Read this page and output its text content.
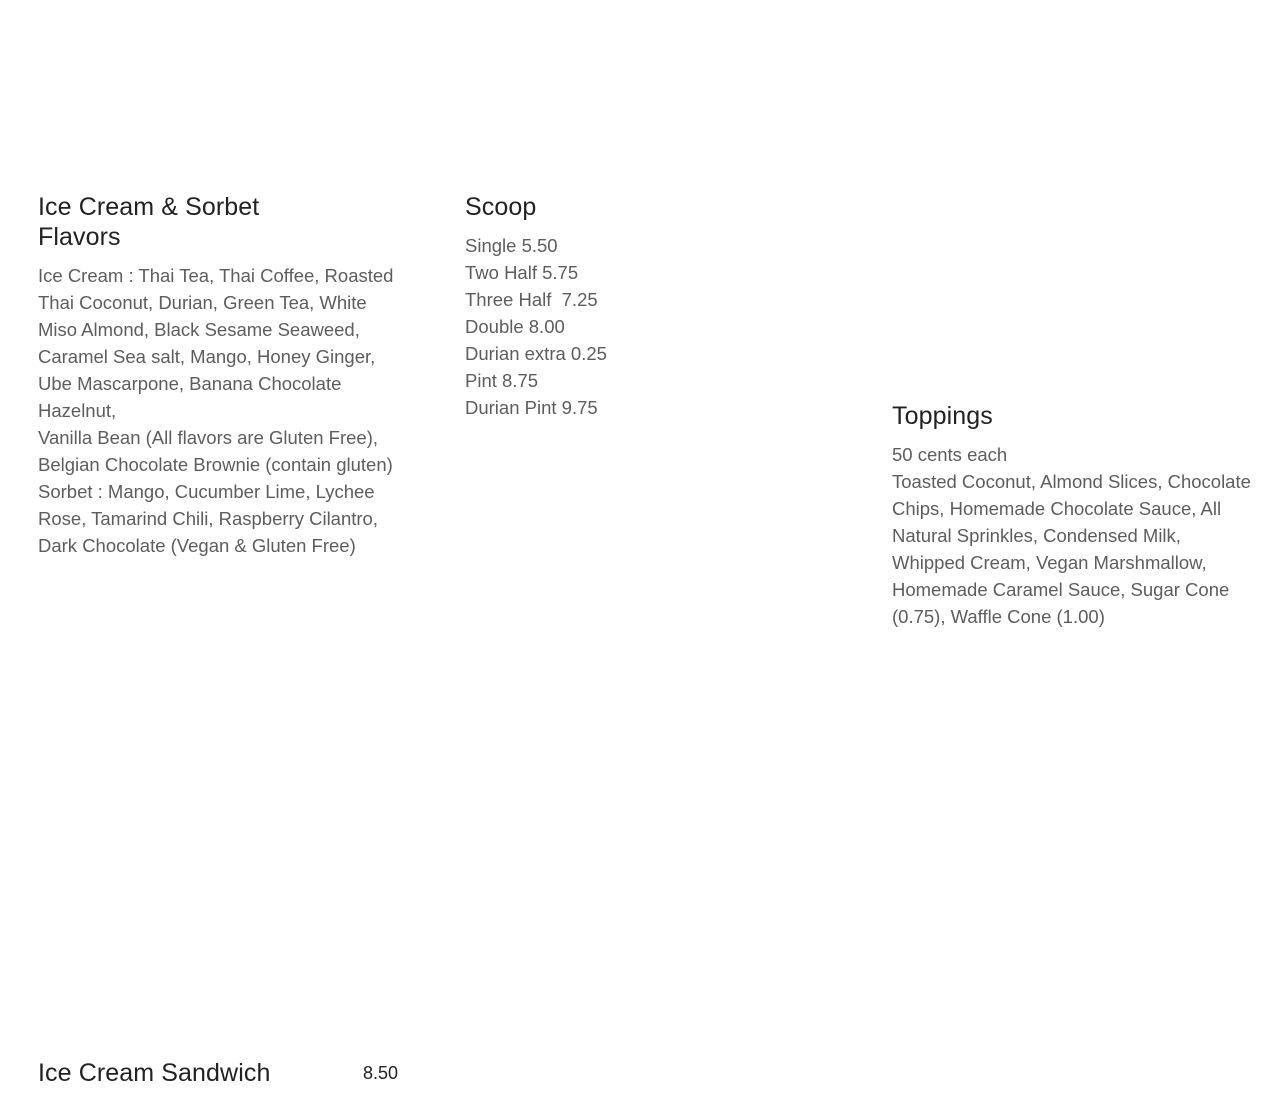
Ice Cream & Sorbet
Flavors

Ice Cream : Thai Tea, Thai Coffee, Roasted Thai Coconut, Durian, Green Tea, White Miso Almond, Black Sesame Seaweed, Caramel Sea salt, Mango, Honey Ginger, Ube Mascarpone, Banana Chocolate Hazelnut,

Vanilla Bean (All flavors are Gluten Free), Belgian Chocolate Brownie (contain gluten)

Sorbet : Mango, Cucumber Lime, Lychee Rose, Tamarind Chili, Raspberry Cilantro, Dark Chocolate (Vegan & Gluten Free)

Scoop
Single 5.50
Two Half 5.75
Three Half  7.25
Double 8.00
Durian extra 0.25
Pint 8.75
Durian Pint 9.75	Toppings

50 cents each

Toasted Coconut, Almond Slices, Chocolate Chips, Homemade Chocolate Sauce, All Natural Sprinkles, Condensed Milk, Whipped Cream, Vegan Marshmallow, Homemade Caramel Sauce, Sugar Cone (0.75), Waffle Cone (1.00)

Ice Cream Sandwich	8.50
